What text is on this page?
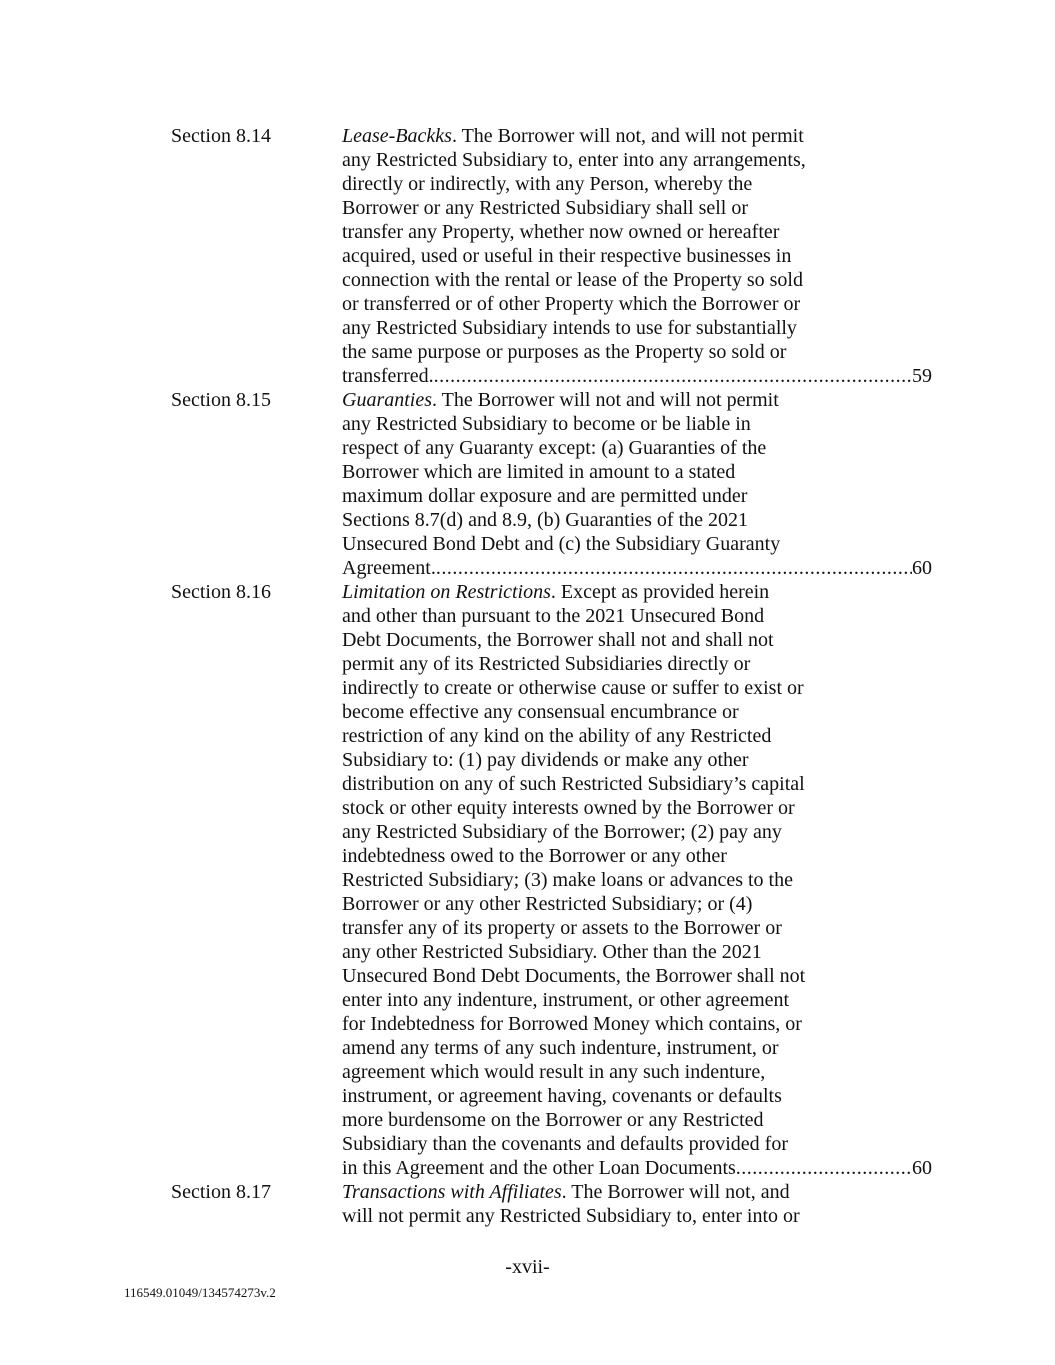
Section 8.14	Lease-Backks. The Borrower will not, and will not permit
any Restricted Subsidiary to, enter into any arrangements,
directly or indirectly, with any Person, whereby the
Borrower or any Restricted Subsidiary shall sell or
transfer any Property, whether now owned or hereafter
acquired, used or useful in their respective businesses in
connection with the rental or lease of the Property so sold
or transferred or of other Property which the Borrower or
any Restricted Subsidiary intends to use for substantially
the same purpose or purposes as the Property so sold or
transferred. .....	59
Section 8.15	Guaranties. The Borrower will not and will not permit
any Restricted Subsidiary to become or be liable in
respect of any Guaranty except: (a) Guaranties of the
Borrower which are limited in amount to a stated
maximum dollar exposure and are permitted under
Sections 8.7(d) and 8.9, (b) Guaranties of the 2021
Unsecured Bond Debt and (c) the Subsidiary Guaranty
Agreement. .....	60
Section 8.16	Limitation on Restrictions. Except as provided herein
and other than pursuant to the 2021 Unsecured Bond
Debt Documents, the Borrower shall not and shall not
permit any of its Restricted Subsidiaries directly or
indirectly to create or otherwise cause or suffer to exist or
become effective any consensual encumbrance or
restriction of any kind on the ability of any Restricted
Subsidiary to: (1) pay dividends or make any other
distribution on any of such Restricted Subsidiary’s capital
stock or other equity interests owned by the Borrower or
any Restricted Subsidiary of the Borrower; (2) pay any
indebtedness owed to the Borrower or any other
Restricted Subsidiary; (3) make loans or advances to the
Borrower or any other Restricted Subsidiary; or (4)
transfer any of its property or assets to the Borrower or
any other Restricted Subsidiary. Other than the 2021
Unsecured Bond Debt Documents, the Borrower shall not
enter into any indenture, instrument, or other agreement
for Indebtedness for Borrowed Money which contains, or
amend any terms of any such indenture, instrument, or
agreement which would result in any such indenture,
instrument, or agreement having, covenants or defaults
more burdensome on the Borrower or any Restricted
Subsidiary than the covenants and defaults provided for
in this Agreement and the other Loan Documents .....	60
Section 8.17	Transactions with Affiliates. The Borrower will not, and
will not permit any Restricted Subsidiary to, enter into or
-xvii-
116549.01049/134574273v.2
